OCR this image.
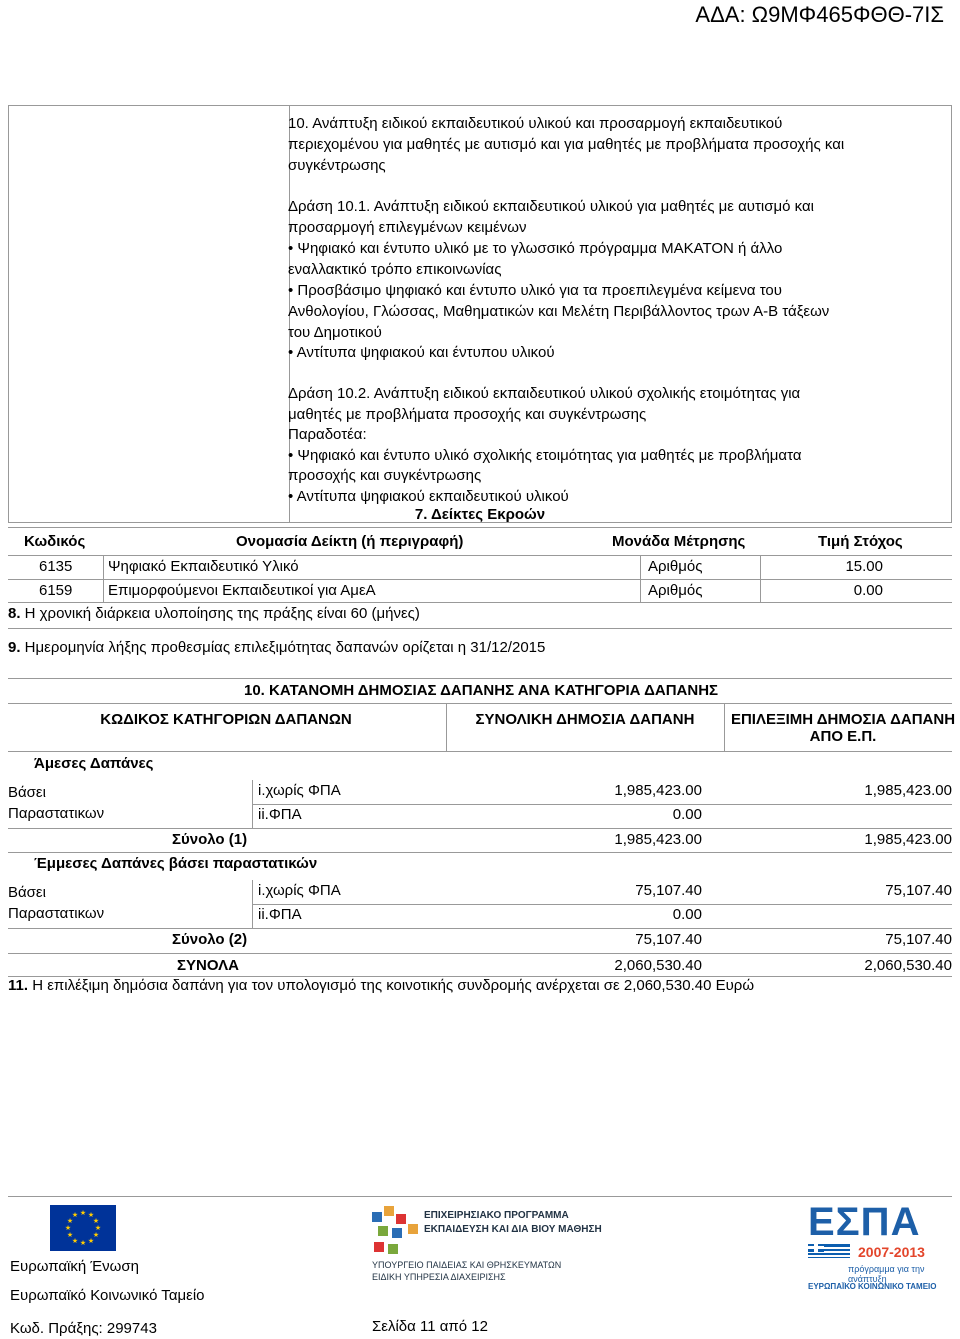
ΑΔΑ: Ω9ΜΦ465ΦΘΘ-7ΙΣ
10. Ανάπτυξη ειδικού εκπαιδευτικού υλικού και προσαρμογή εκπαιδευτικού
περιεχομένου για μαθητές με αυτισμό και για μαθητές με προβλήματα προσοχής και
συγκέντρωσης
Δράση 10.1. Ανάπτυξη ειδικού εκπαιδευτικού υλικού για μαθητές με αυτισμό και
προσαρμογή επιλεγμένων κειμένων
• Ψηφιακό και έντυπο υλικό με το γλωσσικό πρόγραμμα ΜΑΚΑΤΟΝ ή άλλο
εναλλακτικό τρόπο επικοινωνίας
• Προσβάσιμο ψηφιακό και έντυπο υλικό για τα προεπιλεγμένα κείμενα του
Ανθολογίου, Γλώσσας, Μαθηματικών και Μελέτη Περιβάλλοντος τρων Α-Β τάξεων
του Δημοτικού
• Αντίτυπα ψηφιακού και έντυπου υλικού
Δράση 10.2. Ανάπτυξη ειδικού εκπαιδευτικού υλικού σχολικής ετοιμότητας για
μαθητές με προβλήματα προσοχής και συγκέντρωσης
Παραδοτέα:
• Ψηφιακό και έντυπο υλικό σχολικής ετοιμότητας για μαθητές με προβλήματα
προσοχής και συγκέντρωσης
• Αντίτυπα ψηφιακού εκπαιδευτικού υλικού
7. Δείκτες Εκροών
Κωδικός	Ονομασία Δείκτη (ή περιγραφή)	Μονάδα Μέτρησης	Τιμή Στόχος
6135 Ψηφιακό Εκπαιδευτικό Υλικό	Αριθμός	15.00
6159 Επιμορφούμενοι Εκπαιδευτικοί για ΑμεΑ	Αριθμός	0.00
8. Η χρονική διάρκεια υλοποίησης της πράξης είναι 60 (μήνες)
9. Ημερομηνία λήξης προθεσμίας επιλεξιμότητας δαπανών ορίζεται η 31/12/2015
10. ΚΑΤΑΝΟΜΗ ΔΗΜΟΣΙΑΣ ΔΑΠΑΝΗΣ ΑΝΑ ΚΑΤΗΓΟΡΙΑ ΔΑΠΑΝΗΣ
ΚΩΔΙΚΟΣ ΚΑΤΗΓΟΡΙΩΝ ΔΑΠΑΝΩΝ	ΣΥΝΟΛΙΚΗ ΔΗΜΟΣΙΑ ΔΑΠΑΝΗ	ΕΠΙΛΕΞΙΜΗ ΔΗΜΟΣΙΑ ΔΑΠΑΝΗ
ΑΠΟ Ε.Π.
Άμεσες Δαπάνες
Βάσει
Παραστατικων
i.χωρίς ΦΠΑ	1,985,423.00	1,985,423.00
ii.ΦΠΑ	0.00
Σύνολο (1)	1,985,423.00	1,985,423.00
Έμμεσες Δαπάνες βάσει παραστατικών
Βάσει
Παραστατικων
i.χωρίς ΦΠΑ	75,107.40	75,107.40
ii.ΦΠΑ	0.00
Σύνολο (2)	75,107.40	75,107.40
ΣΥΝΟΛΑ	2,060,530.40	2,060,530.40
11. Η επιλέξιμη δημόσια δαπάνη για τον υπολογισμό της κοινοτικής συνδρομής ανέρχεται σε 2,060,530.40 Ευρώ
★ ★
★
★
★
★
★
★
★
★
★
★
Ευρωπαϊκή Ένωση
Ευρωπαϊκό Κοινωνικό Ταμείο
ΕΠΙΧΕΙΡΗΣΙΑΚΟ ΠΡΟΓΡΑΜΜΑ
ΕΚΠΑΙΔΕΥΣΗ ΚΑΙ ΔΙΑ ΒΙΟΥ ΜΑΘΗΣΗ
ΥΠΟΥΡΓΕΙΟ ΠΑΙΔΕΙΑΣ ΚΑΙ ΘΡΗΣΚΕΥΜΑΤΩΝ
ΕΙΔΙΚΗ ΥΠΗΡΕΣΙΑ ΔΙΑΧΕΙΡΙΣΗΣ
ΕΣΠΑ
2007-2013
πρόγραμμα για την ανάπτυξη
ΕΥΡΩΠΑΪΚΟ ΚΟΙΝΩΝΙΚΟ ΤΑΜΕΙΟ
Κωδ. Πράξης: 299743	Σελίδα 11 από 12
